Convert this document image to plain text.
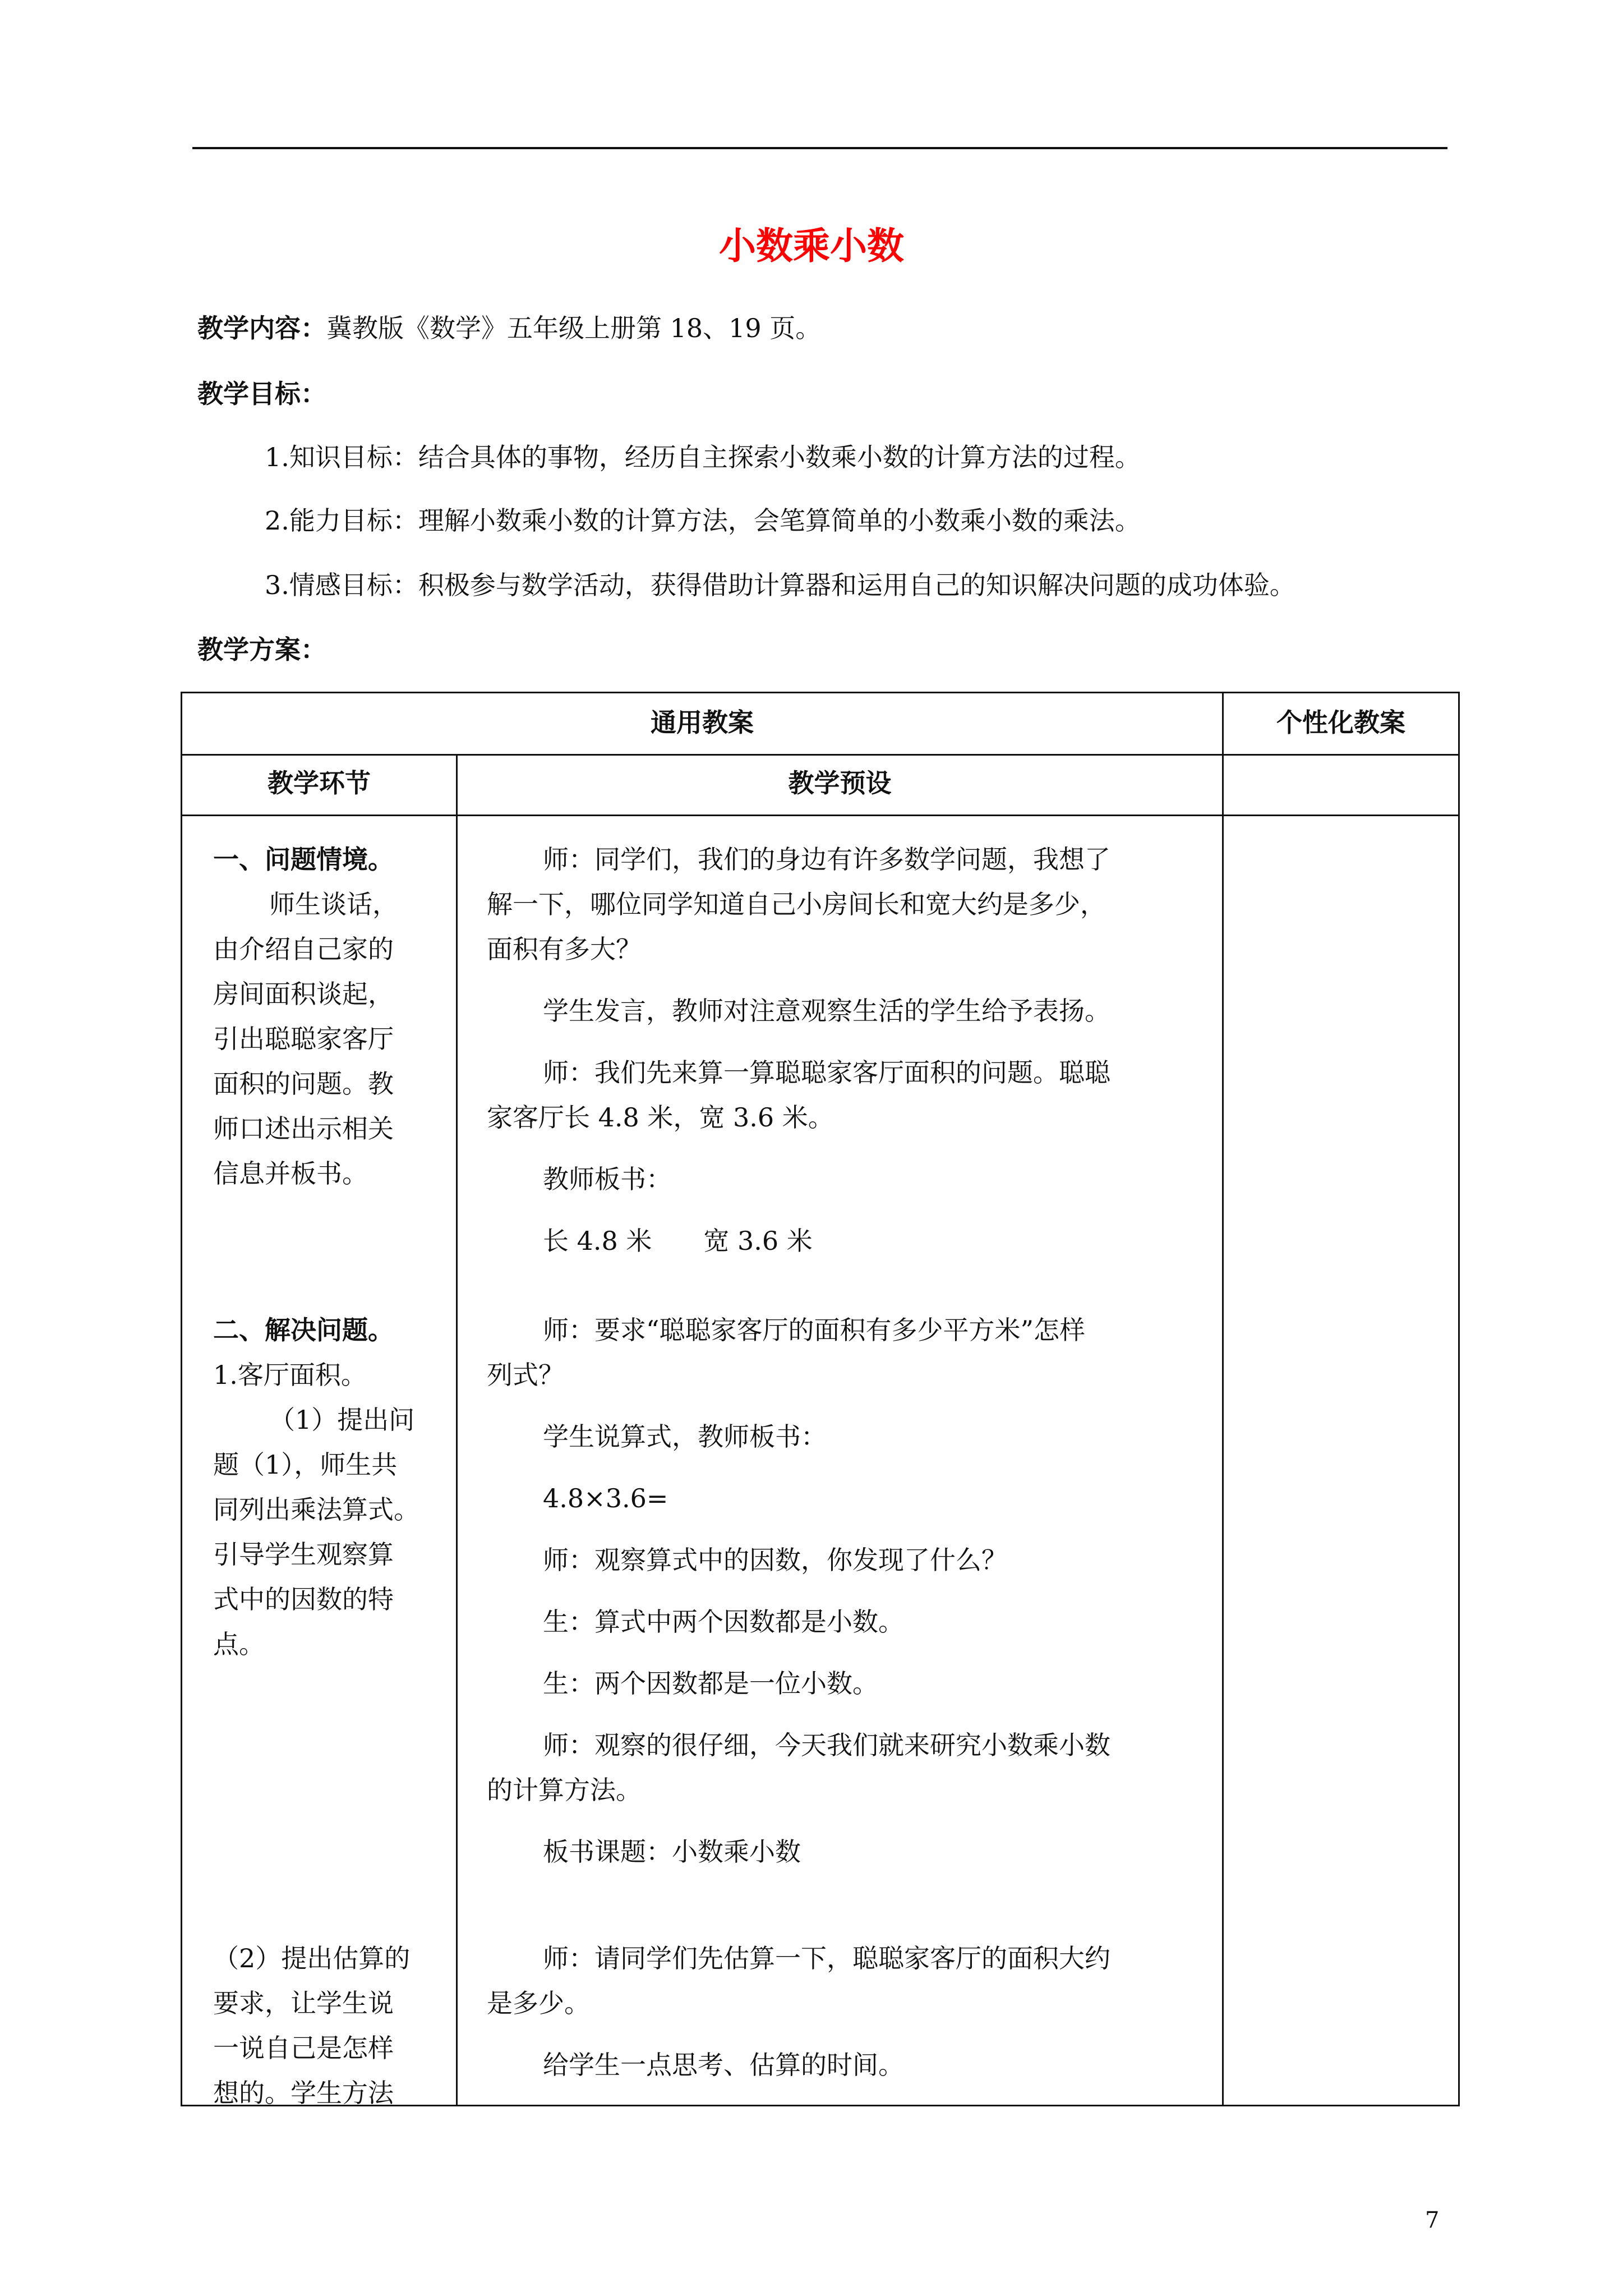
小数乘小数
教学内容：冀教版《数学》五年级上册第 18、19 页。
教学目标：
1.知识目标：结合具体的事物，经历自主探索小数乘小数的计算方法的过程。
2.能力目标：理解小数乘小数的计算方法，会笔算简单的小数乘小数的乘法。
3.情感目标：积极参与数学活动，获得借助计算器和运用自己的知识解决问题的成功体验。
教学方案：
通用教案	个性化教案
教学环节	教学预设

一、问题情境。

师生谈话，

由介绍自己家的

房间面积谈起，

引出聪聪家客厅

面积的问题。教

师口述出示相关

信息并板书。

二、解决问题。

1.客厅面积。

（1）提出问

题（1），师生共

同列出乘法算式。

引导学生观察算

式中的因数的特

点。

（2）提出估算的

要求，让学生说

一说自己是怎样

想的。学生方法

师：同学们，我们的身边有许多数学问题，我想了

解一下，哪位同学知道自己小房间长和宽大约是多少，

面积有多大？

学生发言，教师对注意观察生活的学生给予表扬。

师：我们先来算一算聪聪家客厅面积的问题。聪聪

家客厅长 4.8 米，宽 3.6 米。

教师板书：

长 4.8 米　　宽 3.6 米

师：要求“聪聪家客厅的面积有多少平方米”怎样

列式？

学生说算式，教师板书：

4.8×3.6=

师：观察算式中的因数，你发现了什么？

生：算式中两个因数都是小数。

生：两个因数都是一位小数。

师：观察的很仔细，今天我们就来研究小数乘小数

的计算方法。

板书课题：小数乘小数

师：请同学们先估算一下，聪聪家客厅的面积大约

是多少。

给学生一点思考、估算的时间。

7
